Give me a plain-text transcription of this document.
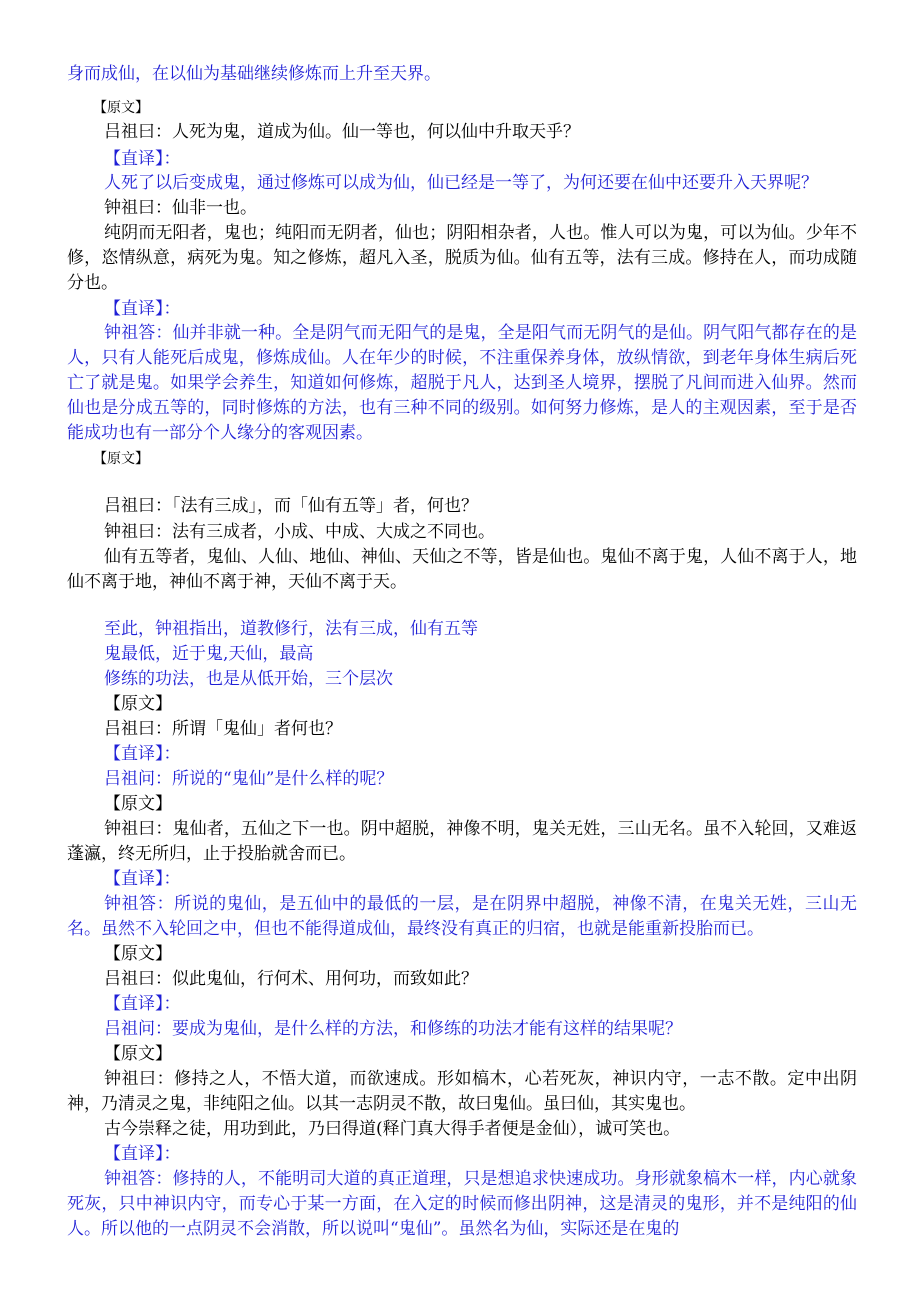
身而成仙，在以仙为基础继续修炼而上升至天界。
【原文】
吕祖曰：人死为鬼，道成为仙。仙一等也，何以仙中升取天乎？
【直译】：
人死了以后变成鬼，通过修炼可以成为仙，仙已经是一等了，为何还要在仙中还要升入天界呢？
钟祖曰：仙非一也。
纯阴而无阳者，鬼也；纯阳而无阴者，仙也；阴阳相杂者，人也。惟人可以为鬼，可以为仙。少年不修，恣情纵意，病死为鬼。知之修炼，超凡入圣，脱质为仙。仙有五等，法有三成。修持在人，而功成随分也。
【直译】：
钟祖答：仙并非就一种。全是阴气而无阳气的是鬼，全是阳气而无阴气的是仙。阴气阳气都存在的是人，只有人能死后成鬼，修炼成仙。人在年少的时候，不注重保养身体，放纵情欲，到老年身体生病后死亡了就是鬼。如果学会养生，知道如何修炼，超脱于凡人，达到圣人境界，摆脱了凡间而进入仙界。然而仙也是分成五等的，同时修炼的方法，也有三种不同的级别。如何努力修炼，是人的主观因素，至于是否能成功也有一部分个人缘分的客观因素。
【原文】
吕祖曰：「法有三成」，而「仙有五等」者，何也？
钟祖曰：法有三成者，小成、中成、大成之不同也。
仙有五等者，鬼仙、人仙、地仙、神仙、天仙之不等，皆是仙也。鬼仙不离于鬼，人仙不离于人，地仙不离于地，神仙不离于神，天仙不离于天。
至此，钟祖指出，道教修行，法有三成，仙有五等
鬼最低，近于鬼,天仙，最高
修练的功法，也是从低开始，三个层次
【原文】
吕祖曰：所谓「鬼仙」者何也？
【直译】：
吕祖问：所说的“鬼仙”是什么样的呢？
【原文】
钟祖曰：鬼仙者，五仙之下一也。阴中超脱，神像不明，鬼关无姓，三山无名。虽不入轮回，又难返蓬瀛，终无所归，止于投胎就舍而已。
【直译】：
钟祖答：所说的鬼仙，是五仙中的最低的一层，是在阴界中超脱，神像不清，在鬼关无姓，三山无名。虽然不入轮回之中，但也不能得道成仙，最终没有真正的归宿，也就是能重新投胎而已。
【原文】
吕祖曰：似此鬼仙，行何术、用何功，而致如此？
【直译】：
吕祖问：要成为鬼仙，是什么样的方法，和修练的功法才能有这样的结果呢？
【原文】
钟祖曰：修持之人，不悟大道，而欲速成。形如槁木，心若死灰，神识内守，一志不散。定中出阴神，乃清灵之鬼，非纯阳之仙。以其一志阴灵不散，故曰鬼仙。虽曰仙，其实鬼也。
古今崇释之徒，用功到此，乃曰得道(释门真大得手者便是金仙），诚可笑也。
【直译】：
钟祖答：修持的人，不能明司大道的真正道理，只是想追求快速成功。身形就象槁木一样，内心就象死灰，只中神识内守，而专心于某一方面，在入定的时候而修出阴神，这是清灵的鬼形，并不是纯阳的仙人。所以他的一点阴灵不会消散，所以说叫“鬼仙”。虽然名为仙，实际还是在鬼的
